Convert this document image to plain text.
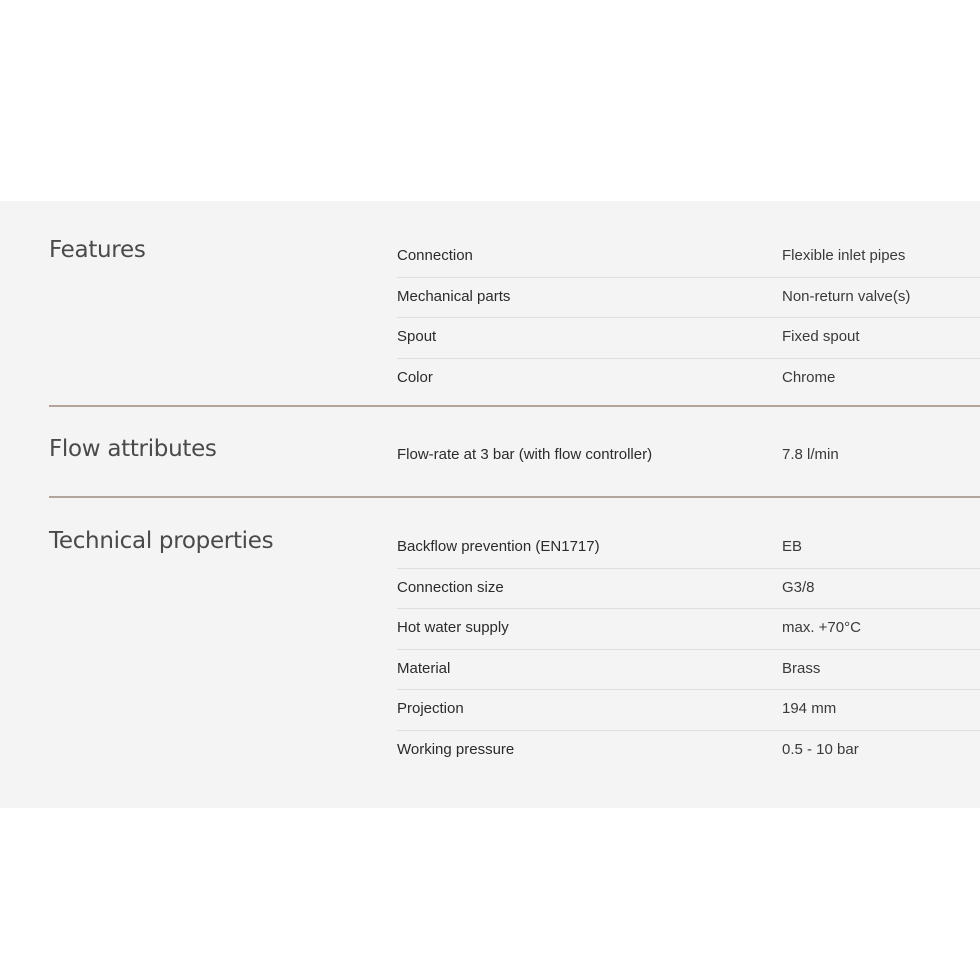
Features	Connection	Flexible inlet pipes
Mechanical parts	Non-return valve(s)
Spout	Fixed spout
Color	Chrome
Flow attributes	Flow-rate at 3 bar (with flow controller)	7.8 l/min
Technical properties	Backflow prevention (EN1717)	EB
Connection size	G3/8
Hot water supply	max. +70°C
Material	Brass
Projection	194 mm
Working pressure	0.5 - 10 bar
